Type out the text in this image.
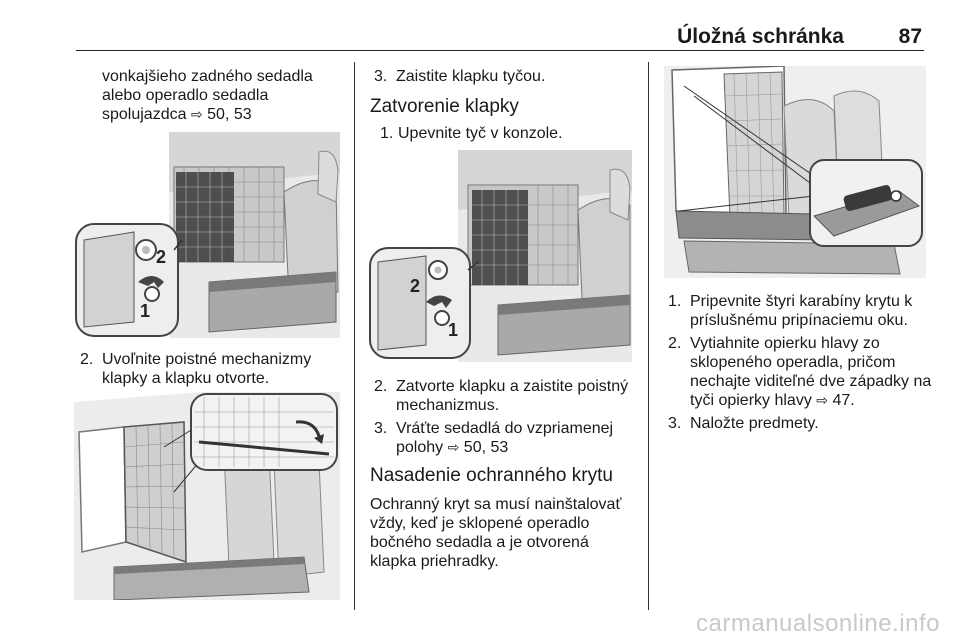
Úložná schránka	87
vonkajšieho zadného sedadla
alebo operadlo sedadla
spolujazdca ⇨ 50, 53
2
1
2. Uvoľnite poistné mechanizmy
klapky a klapku otvorte.
3. Zaistite klapku tyčou.
Zatvorenie klapky
1. Upevnite tyč v konzole.
2
1
2. Zatvorte klapku a zaistite poistný
mechanizmus.
3. Vráťte sedadlá do vzpriamenej
polohy ⇨ 50, 53
Nasadenie ochranného krytu
Ochranný kryt sa musí nainštalovať
vždy, keď je sklopené operadlo
bočného sedadla a je otvorená
klapka priehradky.
1. Pripevnite štyri karabíny krytu k
príslušnému pripínaciemu oku.
2. Vytiahnite opierku hlavy zo
sklopeného operadla, pričom
nechajte viditeľné dve západky na
tyči opierky hlavy ⇨ 47.
3. Naložte predmety.
carmanualsonline.info
